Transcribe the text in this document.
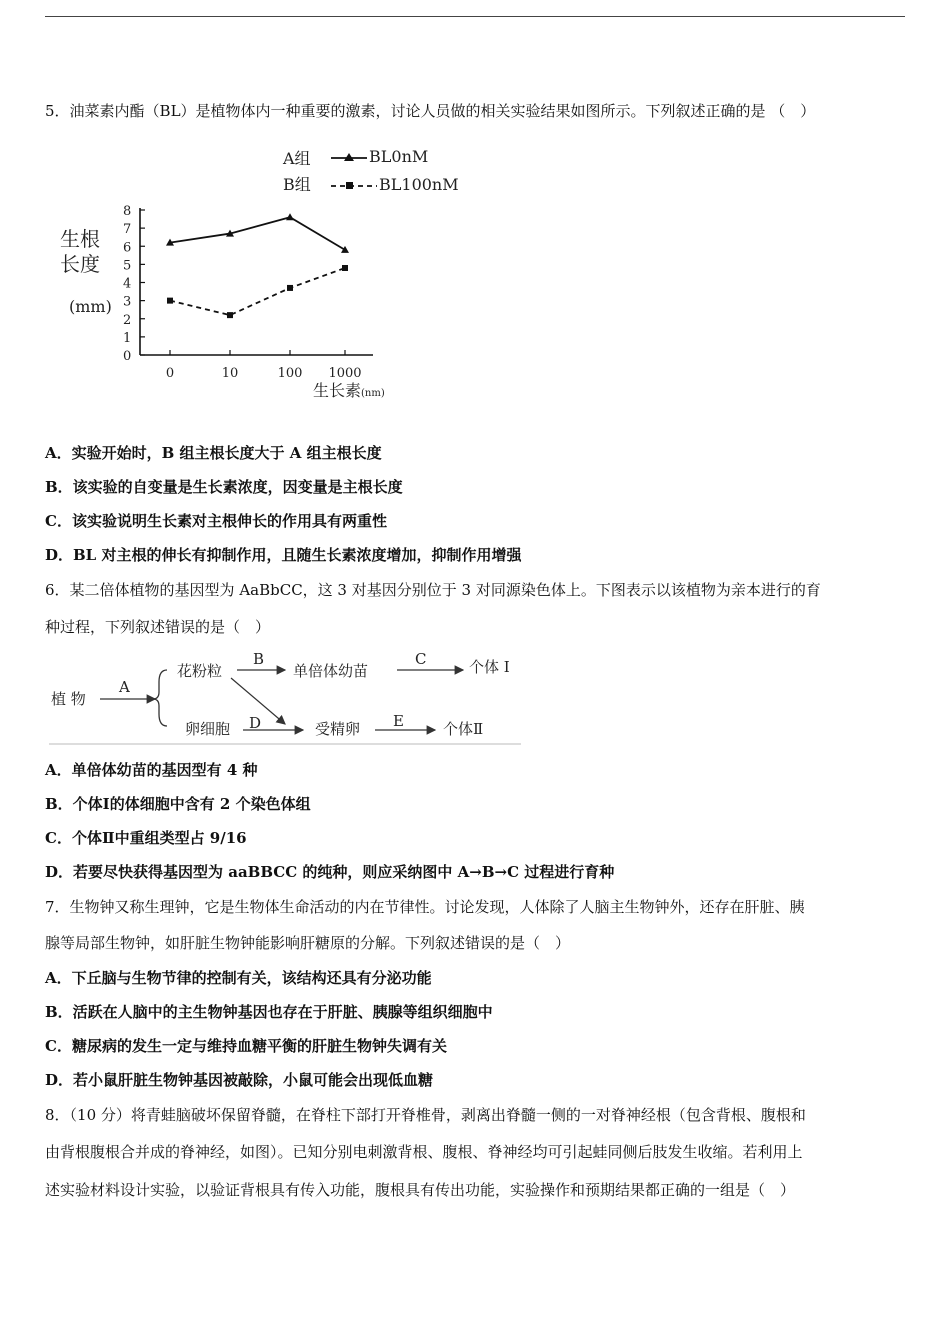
5．油菜素内酯（BL）是植物体内一种重要的激素，讨论人员做的相关实验结果如图所示。下列叙述正确的是 （　）
A组	BL0nM
B组	BL100nM
生根
长度
(mm)
0
1
2
3
4
5
6
7
8
0	10	100 1000
生长素 (nm)
A．实验开始时，B 组主根长度大于 A 组主根长度
B．该实验的自变量是生长素浓度，因变量是主根长度
C．该实验说明生长素对主根伸长的作用具有两重性
D．BL 对主根的伸长有抑制作用，且随生长素浓度增加，抑制作用增强
6．某二倍体植物的基因型为 AaBbCC，这 3 对基因分别位于 3 对同源染色体上。下图表示以该植物为亲本进行的育
种过程，下列叙述错误的是（　）
植 物
A
花粉粒
B
单倍体幼苗
C	个体 Ⅰ
卵细胞 D	受精卵 E	个体Ⅱ
A．单倍体幼苗的基因型有 4 种
B．个体Ⅰ的体细胞中含有 2 个染色体组
C．个体Ⅱ中重组类型占 9/16
D．若要尽快获得基因型为 aaBBCC 的纯种，则应采纳图中 A→B→C 过程进行育种
7．生物钟又称生理钟，它是生物体生命活动的内在节律性。讨论发现，人体除了人脑主生物钟外，还存在肝脏、胰
腺等局部生物钟，如肝脏生物钟能影响肝糖原的分解。下列叙述错误的是（　）
A．下丘脑与生物节律的控制有关，该结构还具有分泌功能
B．活跃在人脑中的主生物钟基因也存在于肝脏、胰腺等组织细胞中
C．糖尿病的发生一定与维持血糖平衡的肝脏生物钟失调有关
D．若小鼠肝脏生物钟基因被敲除，小鼠可能会出现低血糖
8．（10 分）将青蛙脑破坏保留脊髓，在脊柱下部打开脊椎骨，剥离出脊髓一侧的一对脊神经根（包含背根、腹根和
由背根腹根合并成的脊神经，如图）。已知分别电刺激背根、腹根、脊神经均可引起蛙同侧后肢发生收缩。若利用上
述实验材料设计实验，以验证背根具有传入功能，腹根具有传出功能，实验操作和预期结果都正确的一组是（　）
